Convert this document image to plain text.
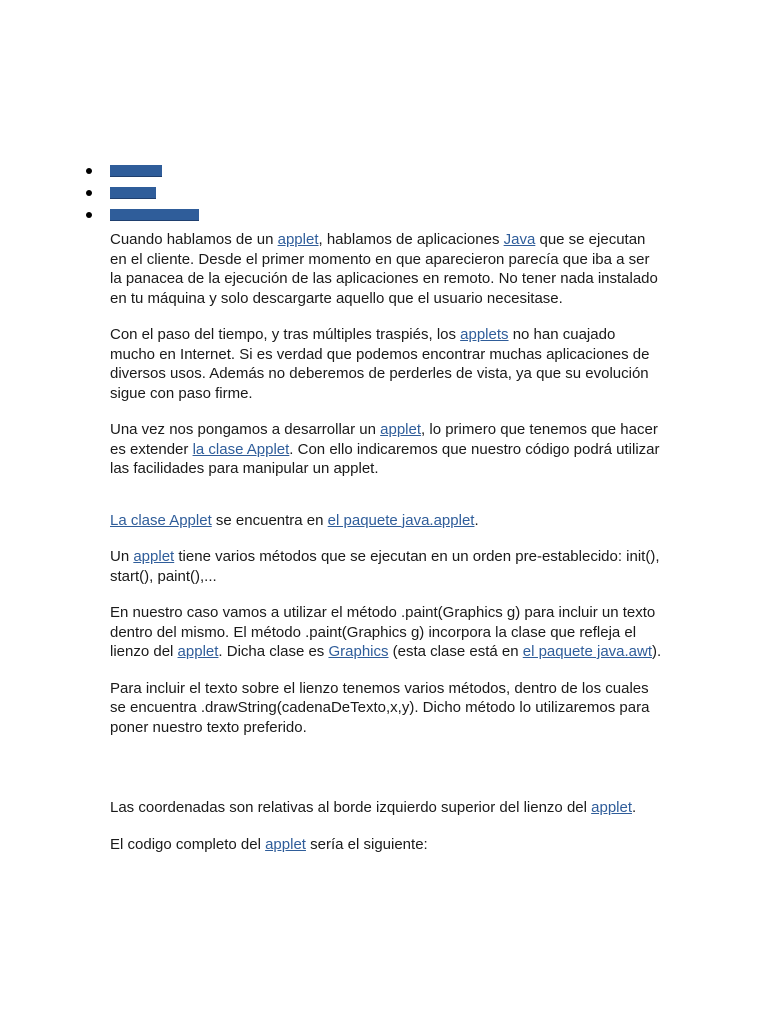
Cuando hablamos de un applet, hablamos de aplicaciones Java que se ejecutan en el cliente. Desde el primer momento en que aparecieron parecía que iba a ser la panacea de la ejecución de las aplicaciones en remoto. No tener nada instalado en tu máquina y solo descargarte aquello que el usuario necesitase.

Con el paso del tiempo, y tras múltiples traspiés, los applets no han cuajado mucho en Internet. Si es verdad que podemos encontrar muchas aplicaciones de diversos usos. Además no deberemos de perderles de vista, ya que su evolución sigue con paso firme.

Una vez nos pongamos a desarrollar un applet, lo primero que tenemos que hacer es extender la clase Applet. Con ello indicaremos que nuestro código podrá utilizar las facilidades para manipular un applet.

La clase Applet se encuentra en el paquete java.applet.

Un applet tiene varios métodos que se ejecutan en un orden pre-establecido: init(), start(), paint(),...

En nuestro caso vamos a utilizar el método .paint(Graphics g) para incluir un texto dentro del mismo. El método .paint(Graphics g) incorpora la clase que refleja el lienzo del applet. Dicha clase es Graphics (esta clase está en el paquete java.awt).

Para incluir el texto sobre el lienzo tenemos varios métodos, dentro de los cuales se encuentra .drawString(cadenaDeTexto,x,y). Dicho método lo utilizaremos para poner nuestro texto preferido.

Las coordenadas son relativas al borde izquierdo superior del lienzo del applet.

El codigo completo del applet sería el siguiente:
